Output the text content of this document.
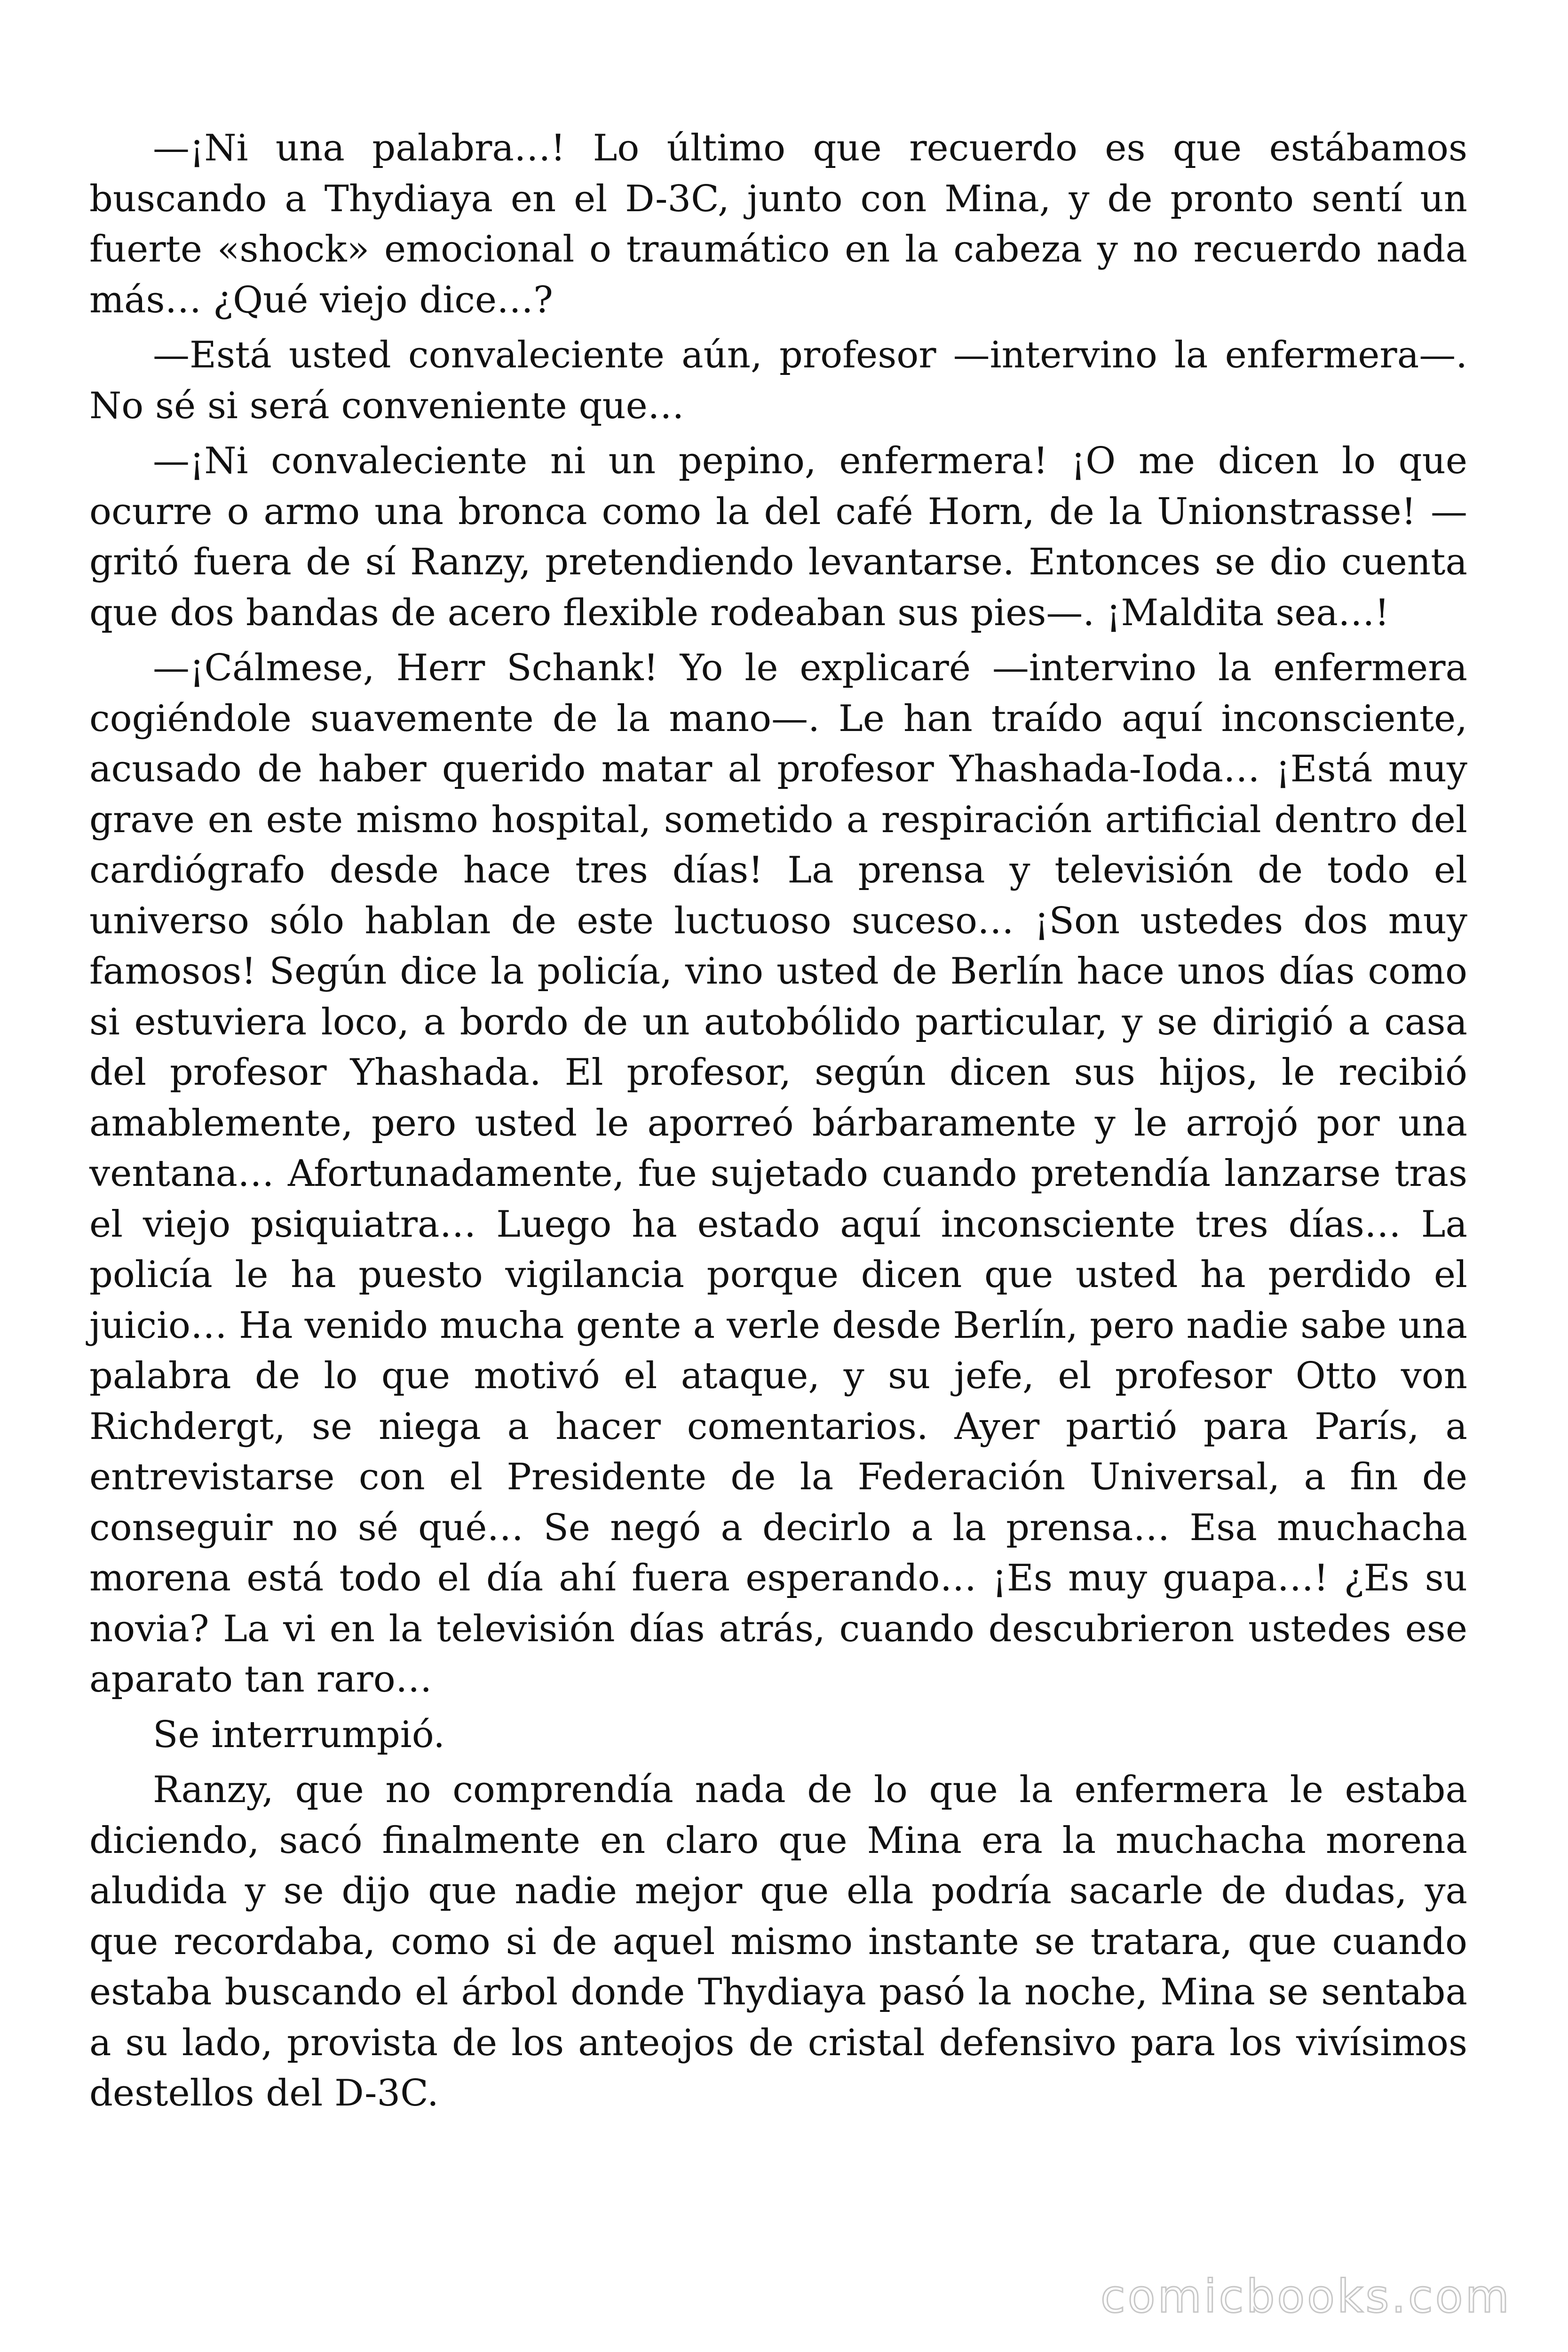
—¡Ni una palabra…! Lo último que recuerdo es que estábamos buscando a Thydiaya en el D-3C, junto con Mina, y de pronto sentí un fuerte «shock» emocional o traumático en la cabeza y no recuerdo nada más… ¿Qué viejo dice…?

—Está usted convaleciente aún, profesor —intervino la enfermera—. No sé si será conveniente que…

—¡Ni convaleciente ni un pepino, enfermera! ¡O me dicen lo que ocurre o armo una bronca como la del café Horn, de la Unionstrasse! —gritó fuera de sí Ranzy, pretendiendo levantarse. Entonces se dio cuenta que dos bandas de acero flexible rodeaban sus pies—. ¡Maldita sea…!

—¡Cálmese, Herr Schank! Yo le explicaré —intervino la enfermera cogiéndole suavemente de la mano—. Le han traído aquí inconsciente, acusado de haber querido matar al profesor Yhashada-Ioda… ¡Está muy grave en este mismo hospital, sometido a respiración artificial dentro del cardiógrafo desde hace tres días! La prensa y televisión de todo el universo sólo hablan de este luctuoso suceso… ¡Son ustedes dos muy famosos! Según dice la policía, vino usted de Berlín hace unos días como si estuviera loco, a bordo de un autobólido particular, y se dirigió a casa del profesor Yhashada. El profesor, según dicen sus hijos, le recibió amablemente, pero usted le aporreó bárbaramente y le arrojó por una ventana… Afortunadamente, fue sujetado cuando pretendía lanzarse tras el viejo psiquiatra… Luego ha estado aquí inconsciente tres días… La policía le ha puesto vigilancia porque dicen que usted ha perdido el juicio… Ha venido mucha gente a verle desde Berlín, pero nadie sabe una palabra de lo que motivó el ataque, y su jefe, el profesor Otto von Richdergt, se niega a hacer comentarios. Ayer partió para París, a entrevistarse con el Presidente de la Federación Universal, a fin de conseguir no sé qué… Se negó a decirlo a la prensa… Esa muchacha morena está todo el día ahí fuera esperando… ¡Es muy guapa…! ¿Es su novia? La vi en la televisión días atrás, cuando descubrieron ustedes ese aparato tan raro…

Se interrumpió.

Ranzy, que no comprendía nada de lo que la enfermera le estaba diciendo, sacó finalmente en claro que Mina era la muchacha morena aludida y se dijo que nadie mejor que ella podría sacarle de dudas, ya que recordaba, como si de aquel mismo instante se tratara, que cuando estaba buscando el árbol donde Thydiaya pasó la noche, Mina se sentaba a su lado, provista de los anteojos de cristal defensivo para los vivísimos destellos del D-3C.

comicbooks.com
